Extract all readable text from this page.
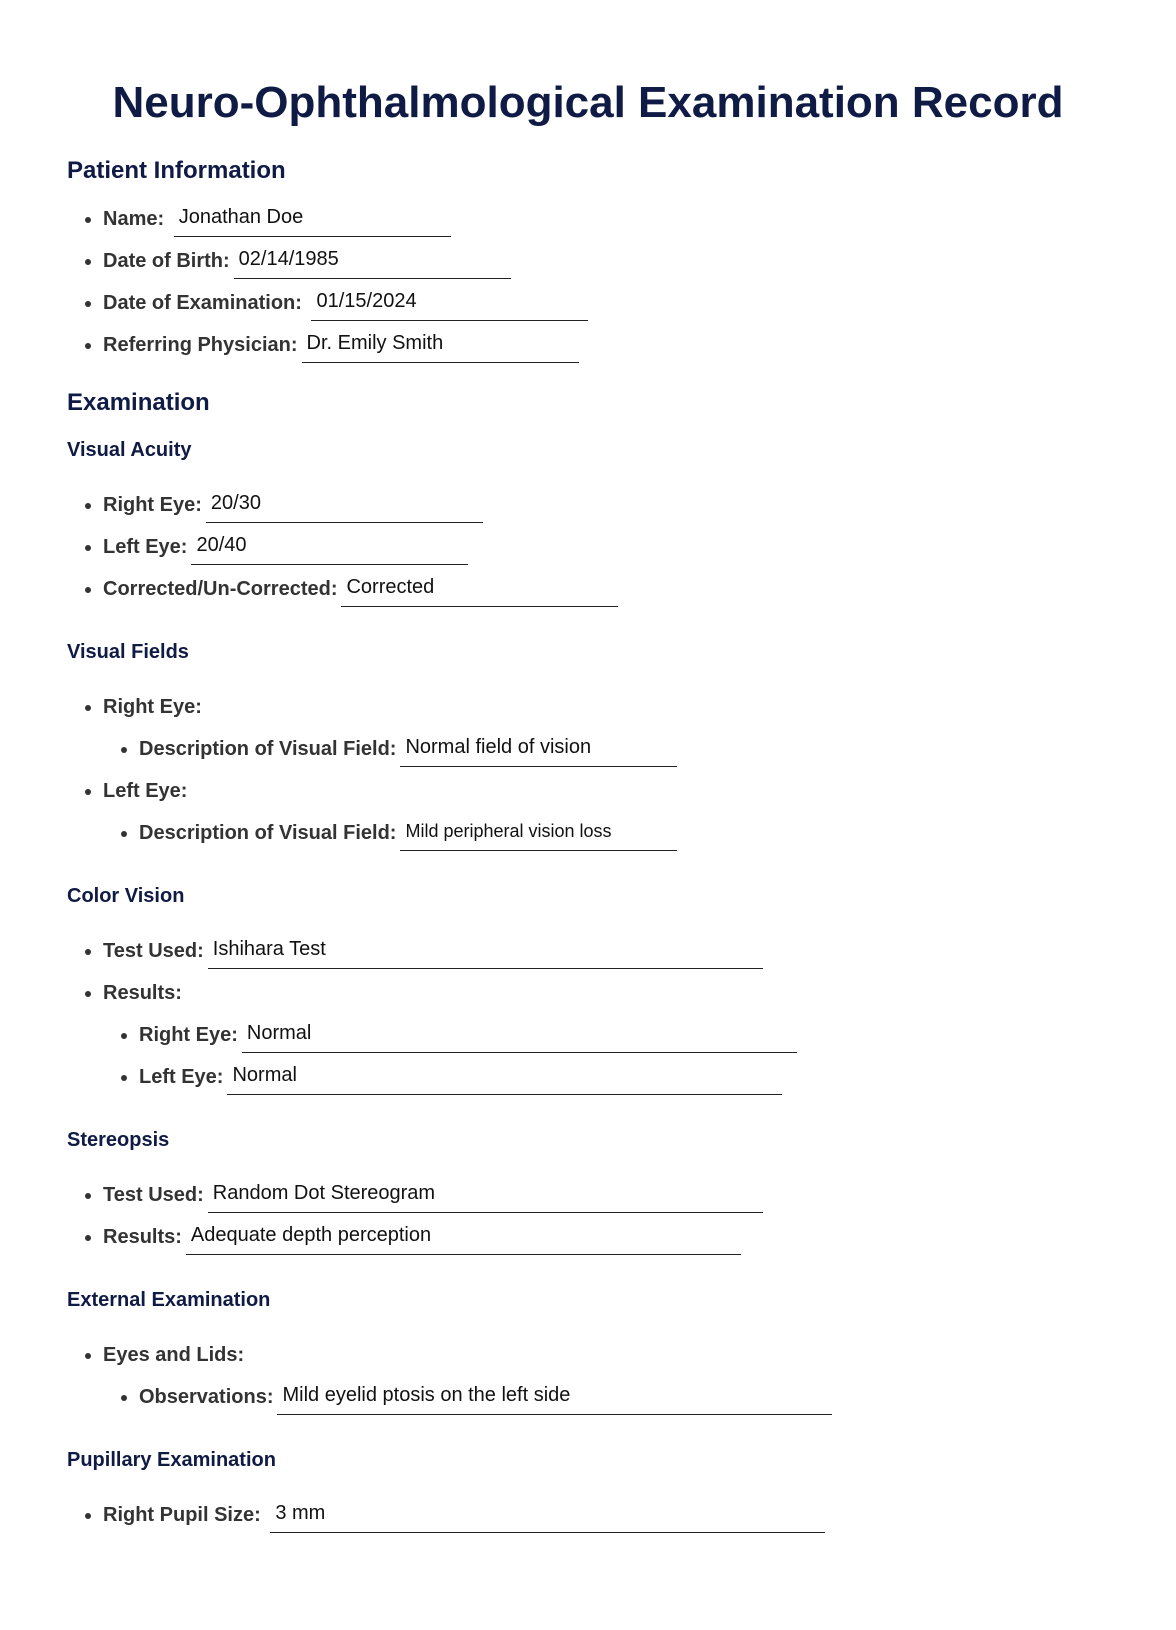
Neuro-Ophthalmological Examination Record
Patient Information
• Name: Jonathan Doe
• Date of Birth: 02/14/1985
• Date of Examination: 01/15/2024
• Referring Physician: Dr. Emily Smith
Examination
Visual Acuity
• Right Eye: 20/30
• Left Eye: 20/40
• Corrected/Un-Corrected: Corrected
Visual Fields
• Right Eye:
• Description of Visual Field: Normal field of vision
• Left Eye:
• Description of Visual Field: Mild peripheral vision loss
Color Vision
• Test Used: Ishihara Test
• Results:
• Right Eye: Normal
• Left Eye: Normal
Stereopsis
• Test Used: Random Dot Stereogram
• Results: Adequate depth perception
External Examination
• Eyes and Lids:
• Observations: Mild eyelid ptosis on the left side
Pupillary Examination
• Right Pupil Size: 3 mm
